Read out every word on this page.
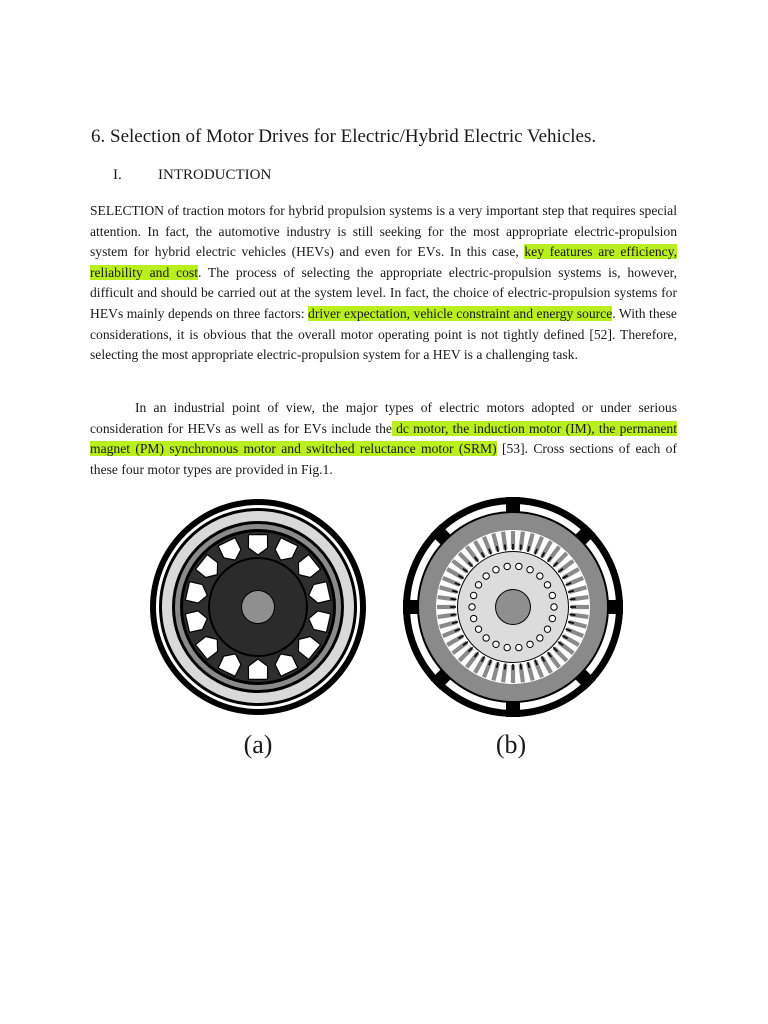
6. Selection of Motor Drives for Electric/Hybrid Electric Vehicles.
I. INTRODUCTION

SELECTION of traction motors for hybrid propulsion systems is a very important step that requires special attention. In fact, the automotive industry is still seeking for the most appropriate electric-propulsion system for hybrid electric vehicles (HEVs) and even for EVs. In this case, key features are efficiency, reliability and cost. The process of selecting the appropriate electric-propulsion systems is, however, difficult and should be carried out at the system level. In fact, the choice of electric-propulsion systems for HEVs mainly depends on three factors: driver expectation, vehicle constraint and energy source. With these considerations, it is obvious that the overall motor operating point is not tightly defined [52]. Therefore, selecting the most appropriate electric-propulsion system for a HEV is a challenging task.

In an industrial point of view, the major types of electric motors adopted or under serious consideration for HEVs as well as for EVs include the dc motor, the induction motor (IM), the permanent magnet (PM) synchronous motor and switched reluctance motor (SRM) [53]. Cross sections of each of these four motor types are provided in Fig.1.

(a)	(b)
